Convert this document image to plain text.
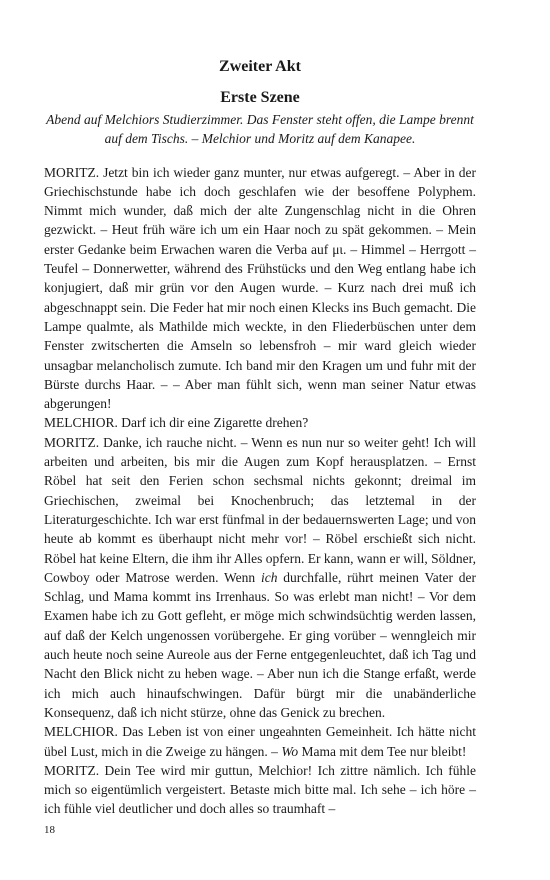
Zweiter Akt
Erste Szene

Abend auf Melchiors Studierzimmer. Das Fenster steht offen, die Lampe brennt auf dem Tischs. – Melchior und Moritz auf dem Kanapee.

MORITZ. Jetzt bin ich wieder ganz munter, nur etwas aufgeregt. – Aber in der Griechischstunde habe ich doch geschlafen wie der besoffene Polyphem. Nimmt mich wunder, daß mich der alte Zungenschlag nicht in die Ohren gezwickt. – Heut früh wäre ich um ein Haar noch zu spät gekommen. – Mein erster Gedanke beim Erwachen waren die Verba auf μι. – Himmel – Herrgott – Teufel – Donnerwetter, während des Frühstücks und den Weg entlang habe ich konjugiert, daß mir grün vor den Augen wurde. – Kurz nach drei muß ich abgeschnappt sein. Die Feder hat mir noch einen Klecks ins Buch gemacht. Die Lampe qualmte, als Mathilde mich weckte, in den Fliederbüschen unter dem Fenster zwitscherten die Amseln so lebensfroh – mir ward gleich wieder unsagbar melancholisch zumute. Ich band mir den Kragen um und fuhr mit der Bürste durchs Haar. – – Aber man fühlt sich, wenn man seiner Natur etwas abgerungen!

MELCHIOR. Darf ich dir eine Zigarette drehen?

MORITZ. Danke, ich rauche nicht. – Wenn es nun nur so weiter geht! Ich will arbeiten und arbeiten, bis mir die Augen zum Kopf herausplatzen. – Ernst Röbel hat seit den Ferien schon sechsmal nichts gekonnt; dreimal im Griechischen, zweimal bei Knochenbruch; das letztemal in der Literaturgeschichte. Ich war erst fünfmal in der bedauernswerten Lage; und von heute ab kommt es überhaupt nicht mehr vor! – Röbel erschießt sich nicht. Röbel hat keine Eltern, die ihm ihr Alles opfern. Er kann, wann er will, Söldner, Cowboy oder Matrose werden. Wenn ich durchfalle, rührt meinen Vater der Schlag, und Mama kommt ins Irrenhaus. So was erlebt man nicht! – Vor dem Examen habe ich zu Gott gefleht, er möge mich schwindsüchtig werden lassen, auf daß der Kelch ungenossen vorübergehe. Er ging vorüber – wenngleich mir auch heute noch seine Aureole aus der Ferne entgegenleuchtet, daß ich Tag und Nacht den Blick nicht zu heben wage. – Aber nun ich die Stange erfaßt, werde ich mich auch hinaufschwingen. Dafür bürgt mir die unabänderliche Konsequenz, daß ich nicht stürze, ohne das Genick zu brechen.

MELCHIOR. Das Leben ist von einer ungeahnten Gemeinheit. Ich hätte nicht übel Lust, mich in die Zweige zu hängen. – Wo Mama mit dem Tee nur bleibt!

MORITZ. Dein Tee wird mir guttun, Melchior! Ich zittre nämlich. Ich fühle mich so eigentümlich vergeistert. Betaste mich bitte mal. Ich sehe – ich höre – ich fühle viel deutlicher und doch alles so traumhaft –

18
